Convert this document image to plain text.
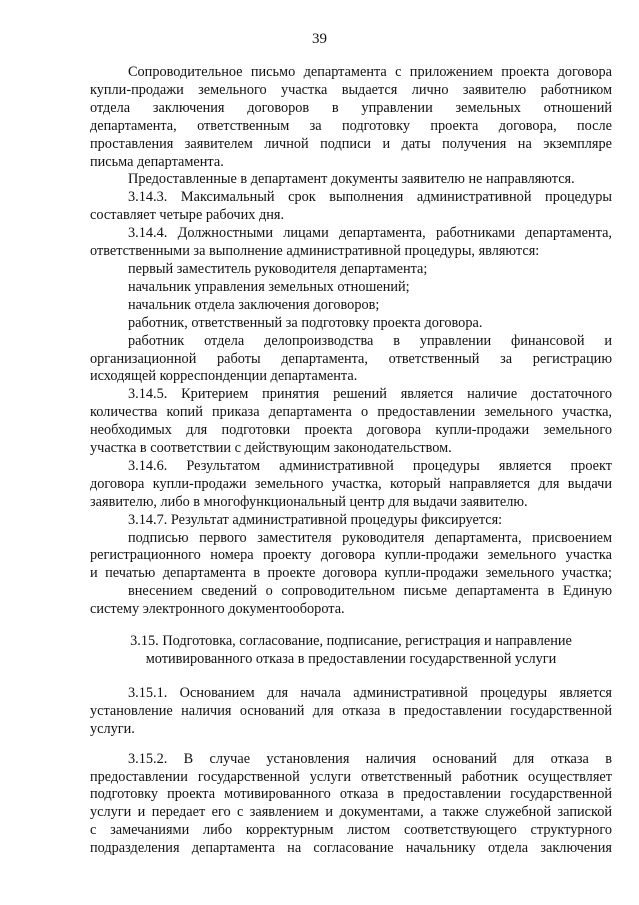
39

Сопроводительное письмо департамента с приложением проекта договора

купли-продажи земельного участка выдается лично заявителю работником

отдела заключения договоров в управлении земельных отношений

департамента, ответственным за подготовку проекта договора, после

проставления заявителем личной подписи и даты получения на экземпляре

письма департамента.

Предоставленные в департамент документы заявителю не направляются.

3.14.3. Максимальный срок выполнения административной процедуры

составляет четыре рабочих дня.

3.14.4. Должностными лицами департамента, работниками департамента,

ответственными за выполнение административной процедуры, являются:

первый заместитель руководителя департамента;

начальник управления земельных отношений;

начальник отдела заключения договоров;

работник, ответственный за подготовку проекта договора.

работник отдела делопроизводства в управлении финансовой и

организационной работы департамента, ответственный за регистрацию

исходящей корреспонденции департамента.

3.14.5. Критерием принятия решений является наличие достаточного

количества копий приказа департамента о предоставлении земельного участка,

необходимых для подготовки проекта договора купли-продажи земельного

участка в соответствии с действующим законодательством.

3.14.6. Результатом административной процедуры является проект

договора купли-продажи земельного участка, который направляется для выдачи

заявителю, либо в многофункциональный центр для выдачи заявителю.

3.14.7. Результат административной процедуры фиксируется:

подписью первого заместителя руководителя департамента, присвоением

регистрационного номера проекту договора купли-продажи земельного участка

и печатью департамента в проекте договора купли-продажи земельного участка;

внесением сведений о сопроводительном письме департамента в Единую

систему электронного документооборота.

3.15. Подготовка, согласование, подписание, регистрация и направление

мотивированного отказа в предоставлении государственной услуги

3.15.1. Основанием для начала административной процедуры является

установление наличия оснований для отказа в предоставлении государственной

услуги.

3.15.2. В случае установления наличия оснований для отказа в

предоставлении государственной услуги ответственный работник осуществляет

подготовку проекта мотивированного отказа в предоставлении государственной

услуги и передает его с заявлением и документами, а также служебной запиской

с замечаниями либо корректурным листом соответствующего структурного

подразделения департамента на согласование начальнику отдела заключения
